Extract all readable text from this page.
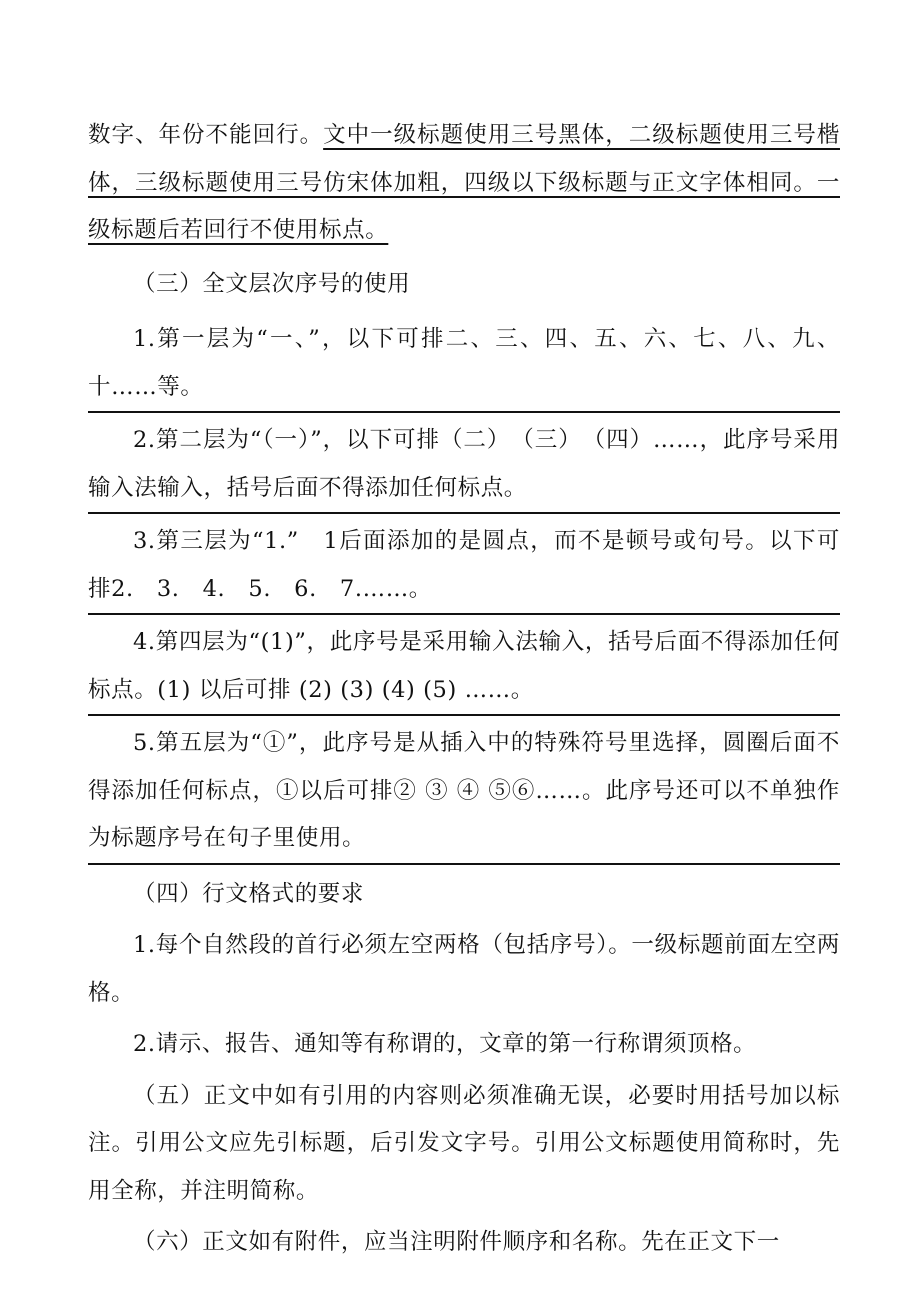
数字、年份不能回行。文中一级标题使用三号黑体，二级标题使用三号楷体，三级标题使用三号仿宋体加粗，四级以下级标题与正文字体相同。一级标题后若回行不使用标点。

（三）全文层次序号的使用

1.第一层为“一、”，以下可排二、三、四、五、六、七、八、九、十……等。

2.第二层为“（一）”，以下可排（二）　（三）　（四）……，此序号采用输入法输入，括号后面不得添加任何标点。

3.第三层为“1.”　1后面添加的是圆点，而不是顿号或句号。以下可排2.　3.　4.　5.　6.　7.……。

4.第四层为“(1)”，此序号是采用输入法输入，括号后面不得添加任何标点。(1) 以后可排 (2) (3) (4) (5) ……。

5.第五层为“①”，此序号是从插入中的特殊符号里选择，圆圈后面不得添加任何标点，①以后可排② ③ ④ ⑤⑥……。此序号还可以不单独作为标题序号在句子里使用。

（四）行文格式的要求

1.每个自然段的首行必须左空两格（包括序号）。一级标题前面左空两格。

2.请示、报告、通知等有称谓的，文章的第一行称谓须顶格。

（五）正文中如有引用的内容则必须准确无误，必要时用括号加以标注。引用公文应先引标题，后引发文字号。引用公文标题使用简称时，先用全称，并注明简称。

（六）正文如有附件，应当注明附件顺序和名称。先在正文下一
